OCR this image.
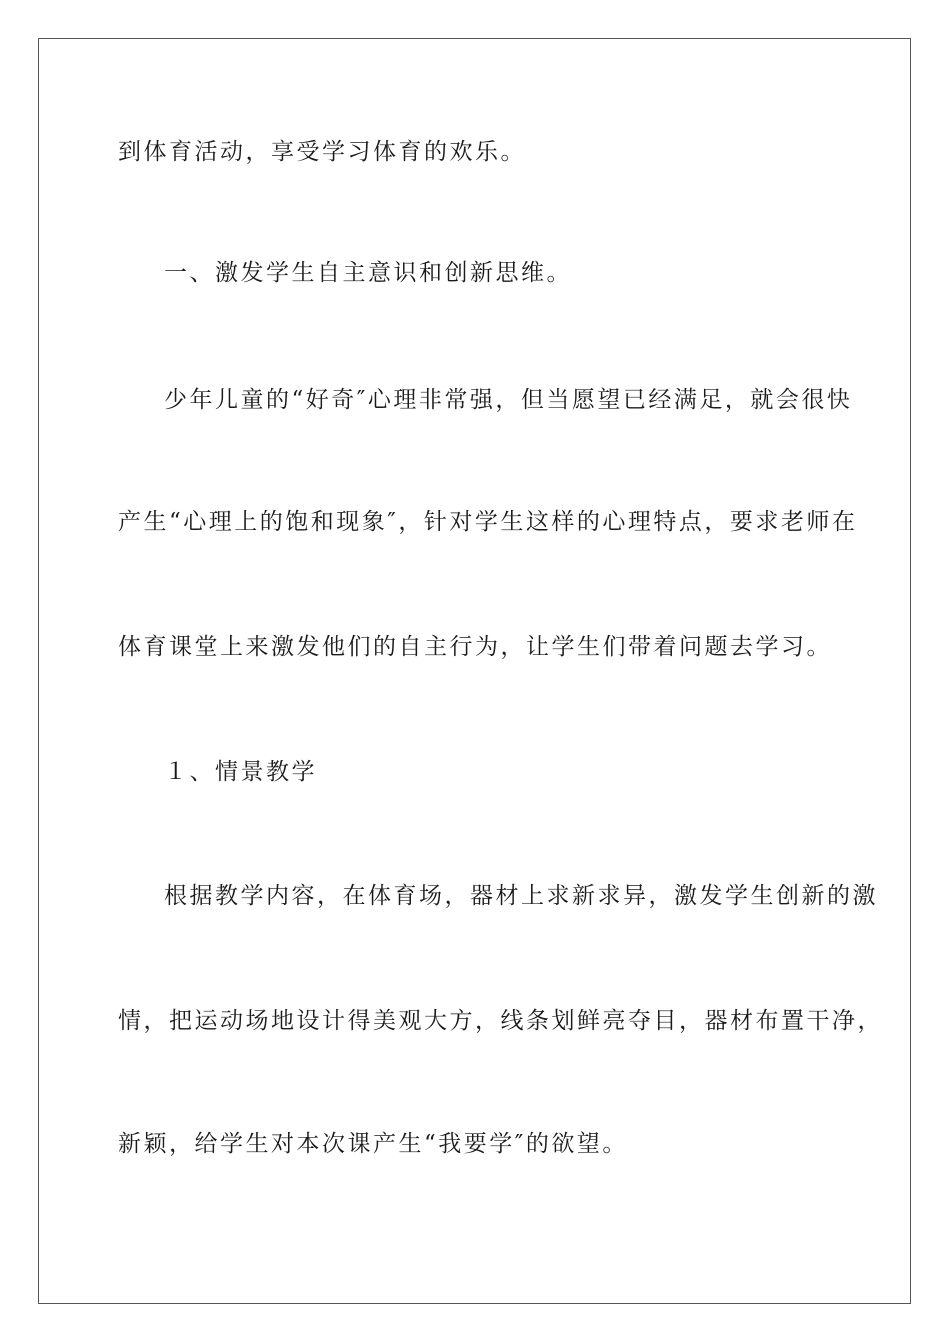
到体育活动，享受学习体育的欢乐。
一、激发学生自主意识和创新思维。
少年儿童的“好奇″心理非常强，但当愿望已经满足，就会很快
产生“心理上的饱和现象″，针对学生这样的心理特点，要求老师在
体育课堂上来激发他们的自主行为，让学生们带着问题去学习。
１、情景教学
根据教学内容，在体育场，器材上求新求异，激发学生创新的激
情，把运动场地设计得美观大方，线条划鲜亮夺目，器材布置干净，
新颖，给学生对本次课产生“我要学″的欲望。
